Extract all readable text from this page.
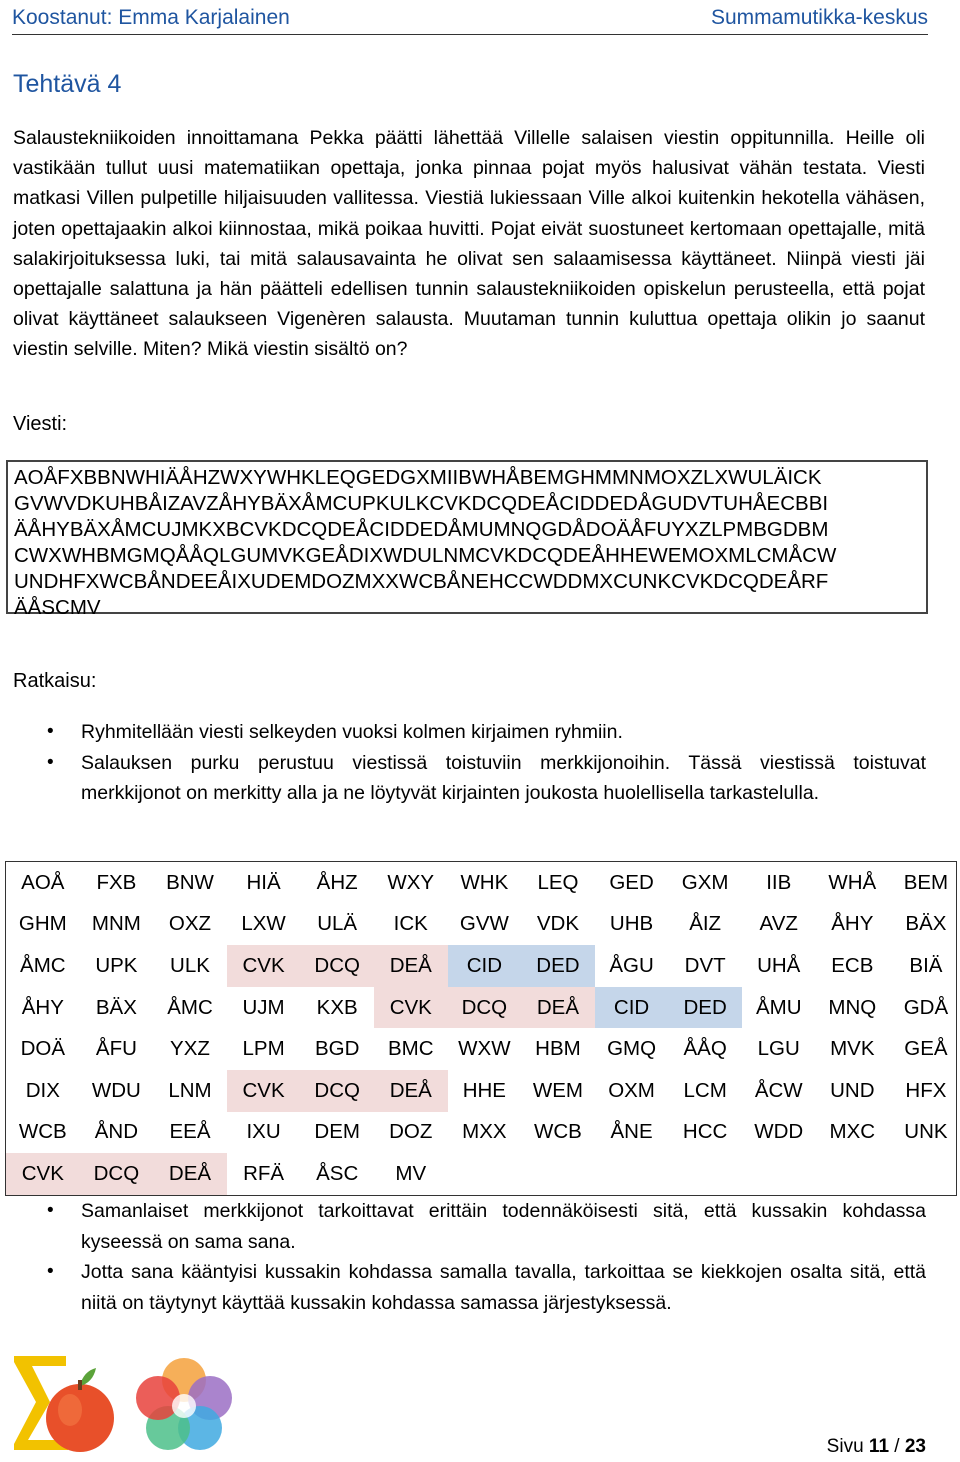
Koostanut: Emma Karjalainen	Summamutikka-keskus
Tehtävä 4

Salaustekniikoiden innoittamana Pekka päätti lähettää Villelle salaisen viestin oppitunnilla. Heille oli vastikään tullut uusi matematiikan opettaja, jonka pinnaa pojat myös halusivat vähän testata. Viesti matkasi Villen pulpetille hiljaisuuden vallitessa. Viestiä lukiessaan Ville alkoi kuitenkin hekotella vähäsen, joten opettajaakin alkoi kiinnostaa, mikä poikaa huvitti. Pojat eivät suostuneet kertomaan opettajalle, mitä salakirjoituksessa luki, tai mitä salausavainta he olivat sen salaamisessa käyttäneet. Niinpä viesti jäi opettajalle salattuna ja hän päätteli edellisen tunnin salaustekniikoiden opiskelun perusteella, että pojat olivat käyttäneet salaukseen Vigenèren salausta. Muutaman tunnin kuluttua opettaja olikin jo saanut viestin selville. Miten? Mikä viestin sisältö on?

Viesti:

AOÅFXBBNWHIÄÅHZWXYWHKLEQGEDGXMIIBWHÅBEMGHMMNMOXZLXWULÄICK
GVWVDKUHBÅIZAVZÅHYBÄXÅMCUPKULKCVKDCQDEÅCIDDEDÅGUDVTUHÅECBBI
ÄÅHYBÄXÅMCUJMKXBCVKDCQDEÅCIDDEDÅMUMNQGDÅDOÄÅFUYXZLPMBGDBM
CWXWHBMGMQÅÅQLGUMVKGEÅDIXWDULNMCVKDCQDEÅHHEWEMOXMLCMÅCW
UNDHFXWCBÅNDEEÅIXUDEMDOZMXXWCBÅNEHCCWDDMXCUNKCVKDCQDEÅRF
ÄÅSCMV

Ratkaisu:

• Ryhmitellään viesti selkeyden vuoksi kolmen kirjaimen ryhmiin.
• Salauksen purku perustuu viestissä toistuviin merkkijonoihin. Tässä viestissä toistuvat merkkijonot on merkitty alla ja ne löytyvät kirjainten joukosta huolellisella tarkastelulla.
AOÅ	FXB	BNW	HIÄ	ÅHZ	WXY	WHK	LEQ	GED	GXM	IIB	WHÅ	BEM
GHM	MNM	OXZ	LXW	ULÄ	ICK	GVW	VDK	UHB	ÅIZ	AVZ	ÅHY	BÄX
ÅMC	UPK	ULK	CVK	DCQ	DEÅ	CID	DED	ÅGU	DVT	UHÅ	ECB	BIÄ
ÅHY	BÄX	ÅMC	UJM	KXB	CVK	DCQ	DEÅ	CID	DED	ÅMU	MNQ	GDÅ
DOÄ	ÅFU	YXZ	LPM	BGD	BMC	WXW	HBM	GMQ	ÅÅQ	LGU	MVK	GEÅ
DIX	WDU	LNM	CVK	DCQ	DEÅ	HHE	WEM	OXM	LCM	ÅCW	UND	HFX
WCB	ÅND	EEÅ	IXU	DEM	DOZ	MXX	WCB	ÅNE	HCC	WDD	MXC	UNK
CVK	DCQ	DEÅ	RFÄ	ÅSC	MV
• Samanlaiset merkkijonot tarkoittavat erittäin todennäköisesti sitä, että kussakin kohdassa kyseessä on sama sana.
• Jotta sana kääntyisi kussakin kohdassa samalla tavalla, tarkoittaa se kiekkojen osalta sitä, että niitä on täytynyt käyttää kussakin kohdassa samassa järjestyksessä.
Sivu 11 / 23
